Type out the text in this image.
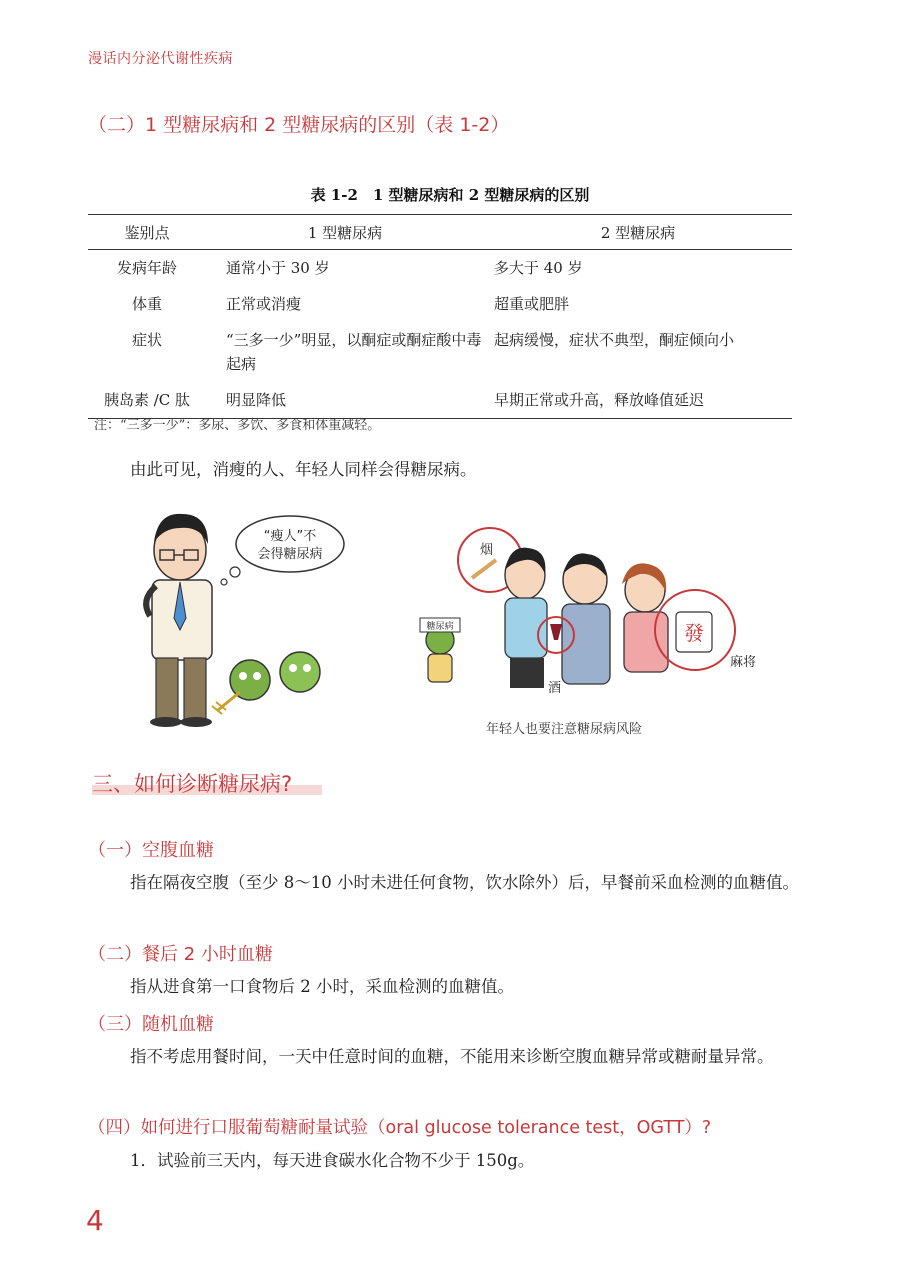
漫话内分泌代谢性疾病
（二）1 型糖尿病和 2 型糖尿病的区别（表 1-2）
表 1-2　1 型糖尿病和 2 型糖尿病的区别
鉴别点	1 型糖尿病	2 型糖尿病
发病年龄	通常小于 30 岁	多大于 40 岁
体重	正常或消瘦	超重或肥胖
症状	“三多一少”明显，以酮症或酮症酸中毒起病	起病缓慢，症状不典型，酮症倾向小
胰岛素 /C 肽	明显降低	早期正常或升高，释放峰值延迟
注：“三多一少”：多尿、多饮、多食和体重减轻。
由此可见，消瘦的人、年轻人同样会得糖尿病。
“瘦人”不
会得糖尿病	烟
酒
發
麻将
糖尿病
年轻人也要注意糖尿病风险
三、如何诊断糖尿病?
（一）空腹血糖

指在隔夜空腹（至少 8～10 小时未进任何食物，饮水除外）后，早餐前采血检测的血糖值。

（二）餐后 2 小时血糖

指从进食第一口食物后 2 小时，采血检测的血糖值。

（三）随机血糖

指不考虑用餐时间，一天中任意时间的血糖，不能用来诊断空腹血糖异常或糖耐量异常。

（四）如何进行口服葡萄糖耐量试验（oral glucose tolerance test，OGTT）?

1．试验前三天内，每天进食碳水化合物不少于 150g。

4
